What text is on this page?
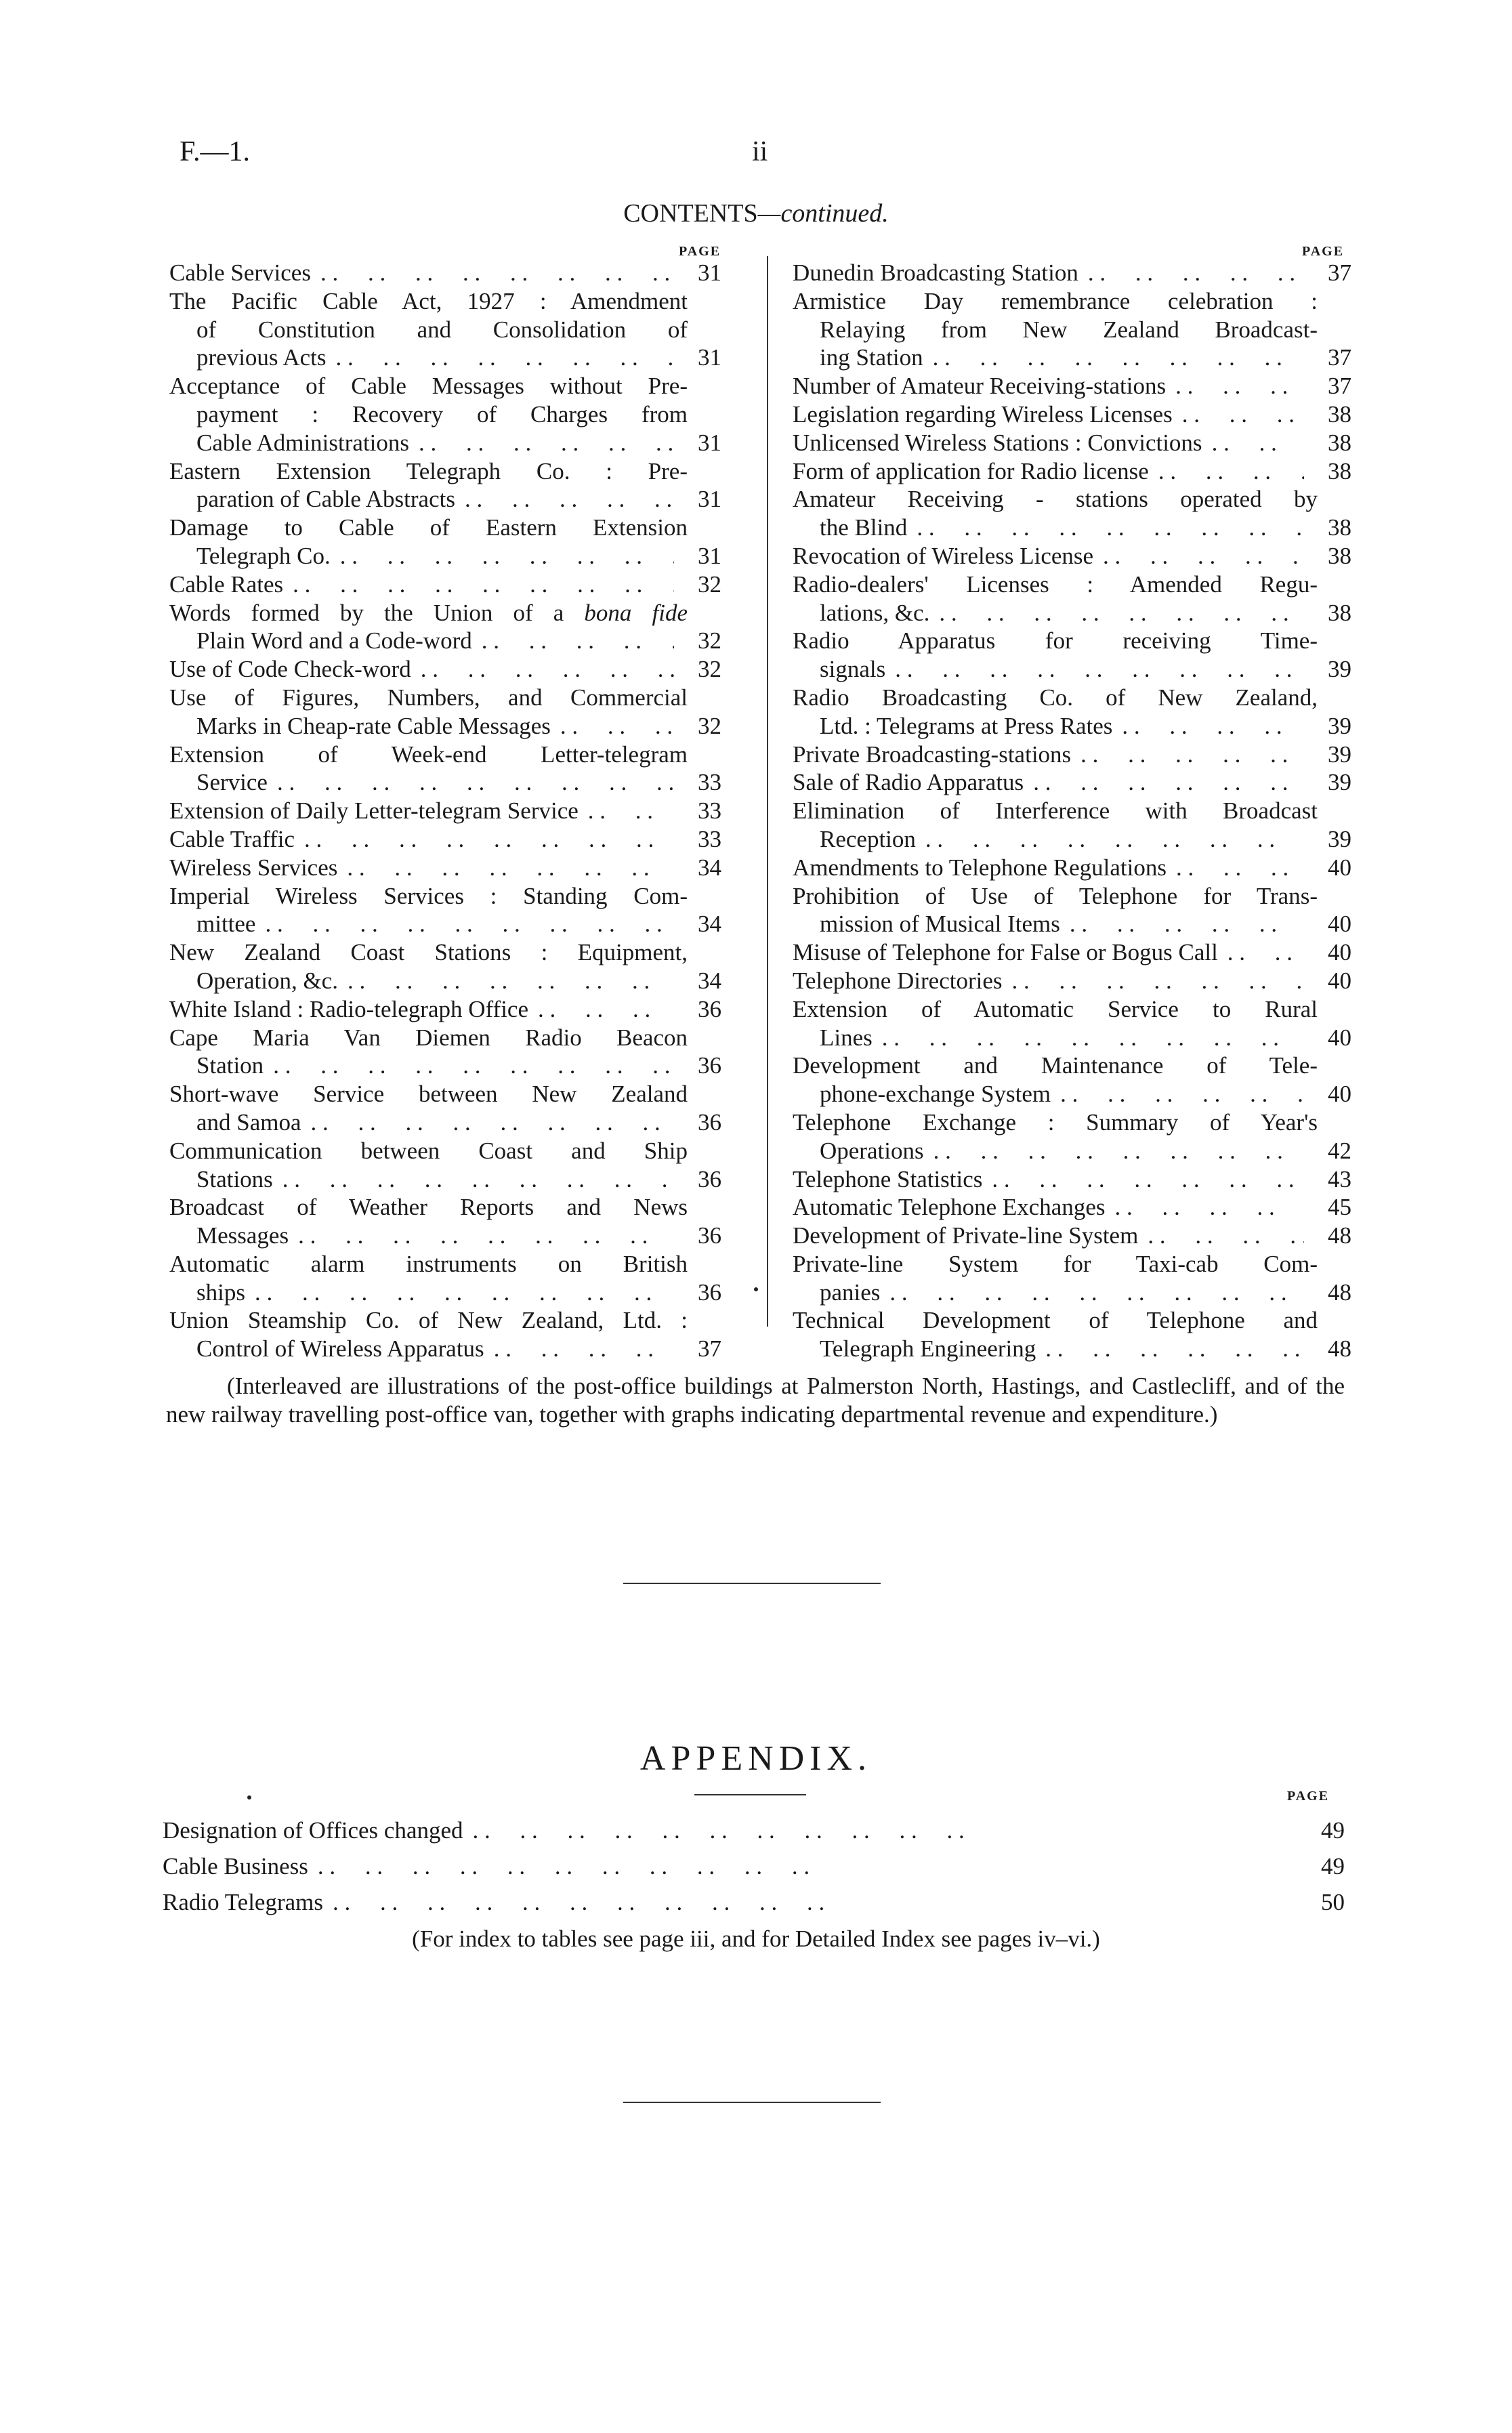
F.—1.	ii
CONTENTS—continued.
PAGE	PAGE
Cable Services . .	31
The Pacific Cable Act, 1927 : Amendment
of Constitution and Consolidation of
previous Acts . .	31
Acceptance of Cable Messages without Pre-
payment : Recovery of Charges from
Cable Administrations . .	31
Eastern Extension Telegraph Co. : Pre-
paration of Cable Abstracts . .	31
Damage to Cable of Eastern Extension
Telegraph Co. . .	31
Cable Rates . .	32
Words formed by the Union of a bona fide
Plain Word and a Code-word . .	32
Use of Code Check-word . .	32
Use of Figures, Numbers, and Commercial
Marks in Cheap-rate Cable Messages . .	32
Extension of Week-end Letter-telegram
Service . .	33
Extension of Daily Letter-telegram Service . .	33
Cable Traffic . .	33
Wireless Services . .	34
Imperial Wireless Services : Standing Com-
mittee . .	34
New Zealand Coast Stations : Equipment,
Operation, &c. . .	34
White Island : Radio-telegraph Office . .	36
Cape Maria Van Diemen Radio Beacon
Station . .	36
Short-wave Service between New Zealand
and Samoa . .	36
Communication between Coast and Ship
Stations . .	36
Broadcast of Weather Reports and News
Messages . .	36
Automatic alarm instruments on British
ships . .	36
Union Steamship Co. of New Zealand, Ltd. :
Control of Wireless Apparatus . .	37
Dunedin Broadcasting Station . .	37
Armistice Day remembrance celebration :
Relaying from New Zealand Broadcast-
ing Station . .	37
Number of Amateur Receiving-stations . .	37
Legislation regarding Wireless Licenses . .	38
Unlicensed Wireless Stations : Convictions . .	38
Form of application for Radio license . .	38
Amateur Receiving - stations operated by
the Blind . .	38
Revocation of Wireless License . .	38
Radio-dealers' Licenses : Amended Regu-
lations, &c. . .	38
Radio Apparatus for receiving Time-
signals . .	39
Radio Broadcasting Co. of New Zealand,
Ltd. : Telegrams at Press Rates . .	39
Private Broadcasting-stations . .	39
Sale of Radio Apparatus . .	39
Elimination of Interference with Broadcast
Reception . .	39
Amendments to Telephone Regulations . .	40
Prohibition of Use of Telephone for Trans-
mission of Musical Items . .	40
Misuse of Telephone for False or Bogus Call . .	40
Telephone Directories . .	40
Extension of Automatic Service to Rural
Lines . .	40
Development and Maintenance of Tele-
phone-exchange System . .	40
Telephone Exchange : Summary of Year's
Operations . .	42
Telephone Statistics . .	43
Automatic Telephone Exchanges . .	45
Development of Private-line System . .	48
Private-line System for Taxi-cab Com-
panies . .	48
Technical Development of Telephone and
Telegraph Engineering . .	48
(Interleaved are illustrations of the post-office buildings at Palmerston North, Hastings, and Castlecliff, and of the new railway travelling post-office van, together with graphs indicating departmental revenue and expenditure.)
APPENDIX.
PAGE
Designation of Offices changed . .	49
Cable Business . .	49
Radio Telegrams . .	50
(For index to tables see page iii, and for Detailed Index see pages iv–vi.)
